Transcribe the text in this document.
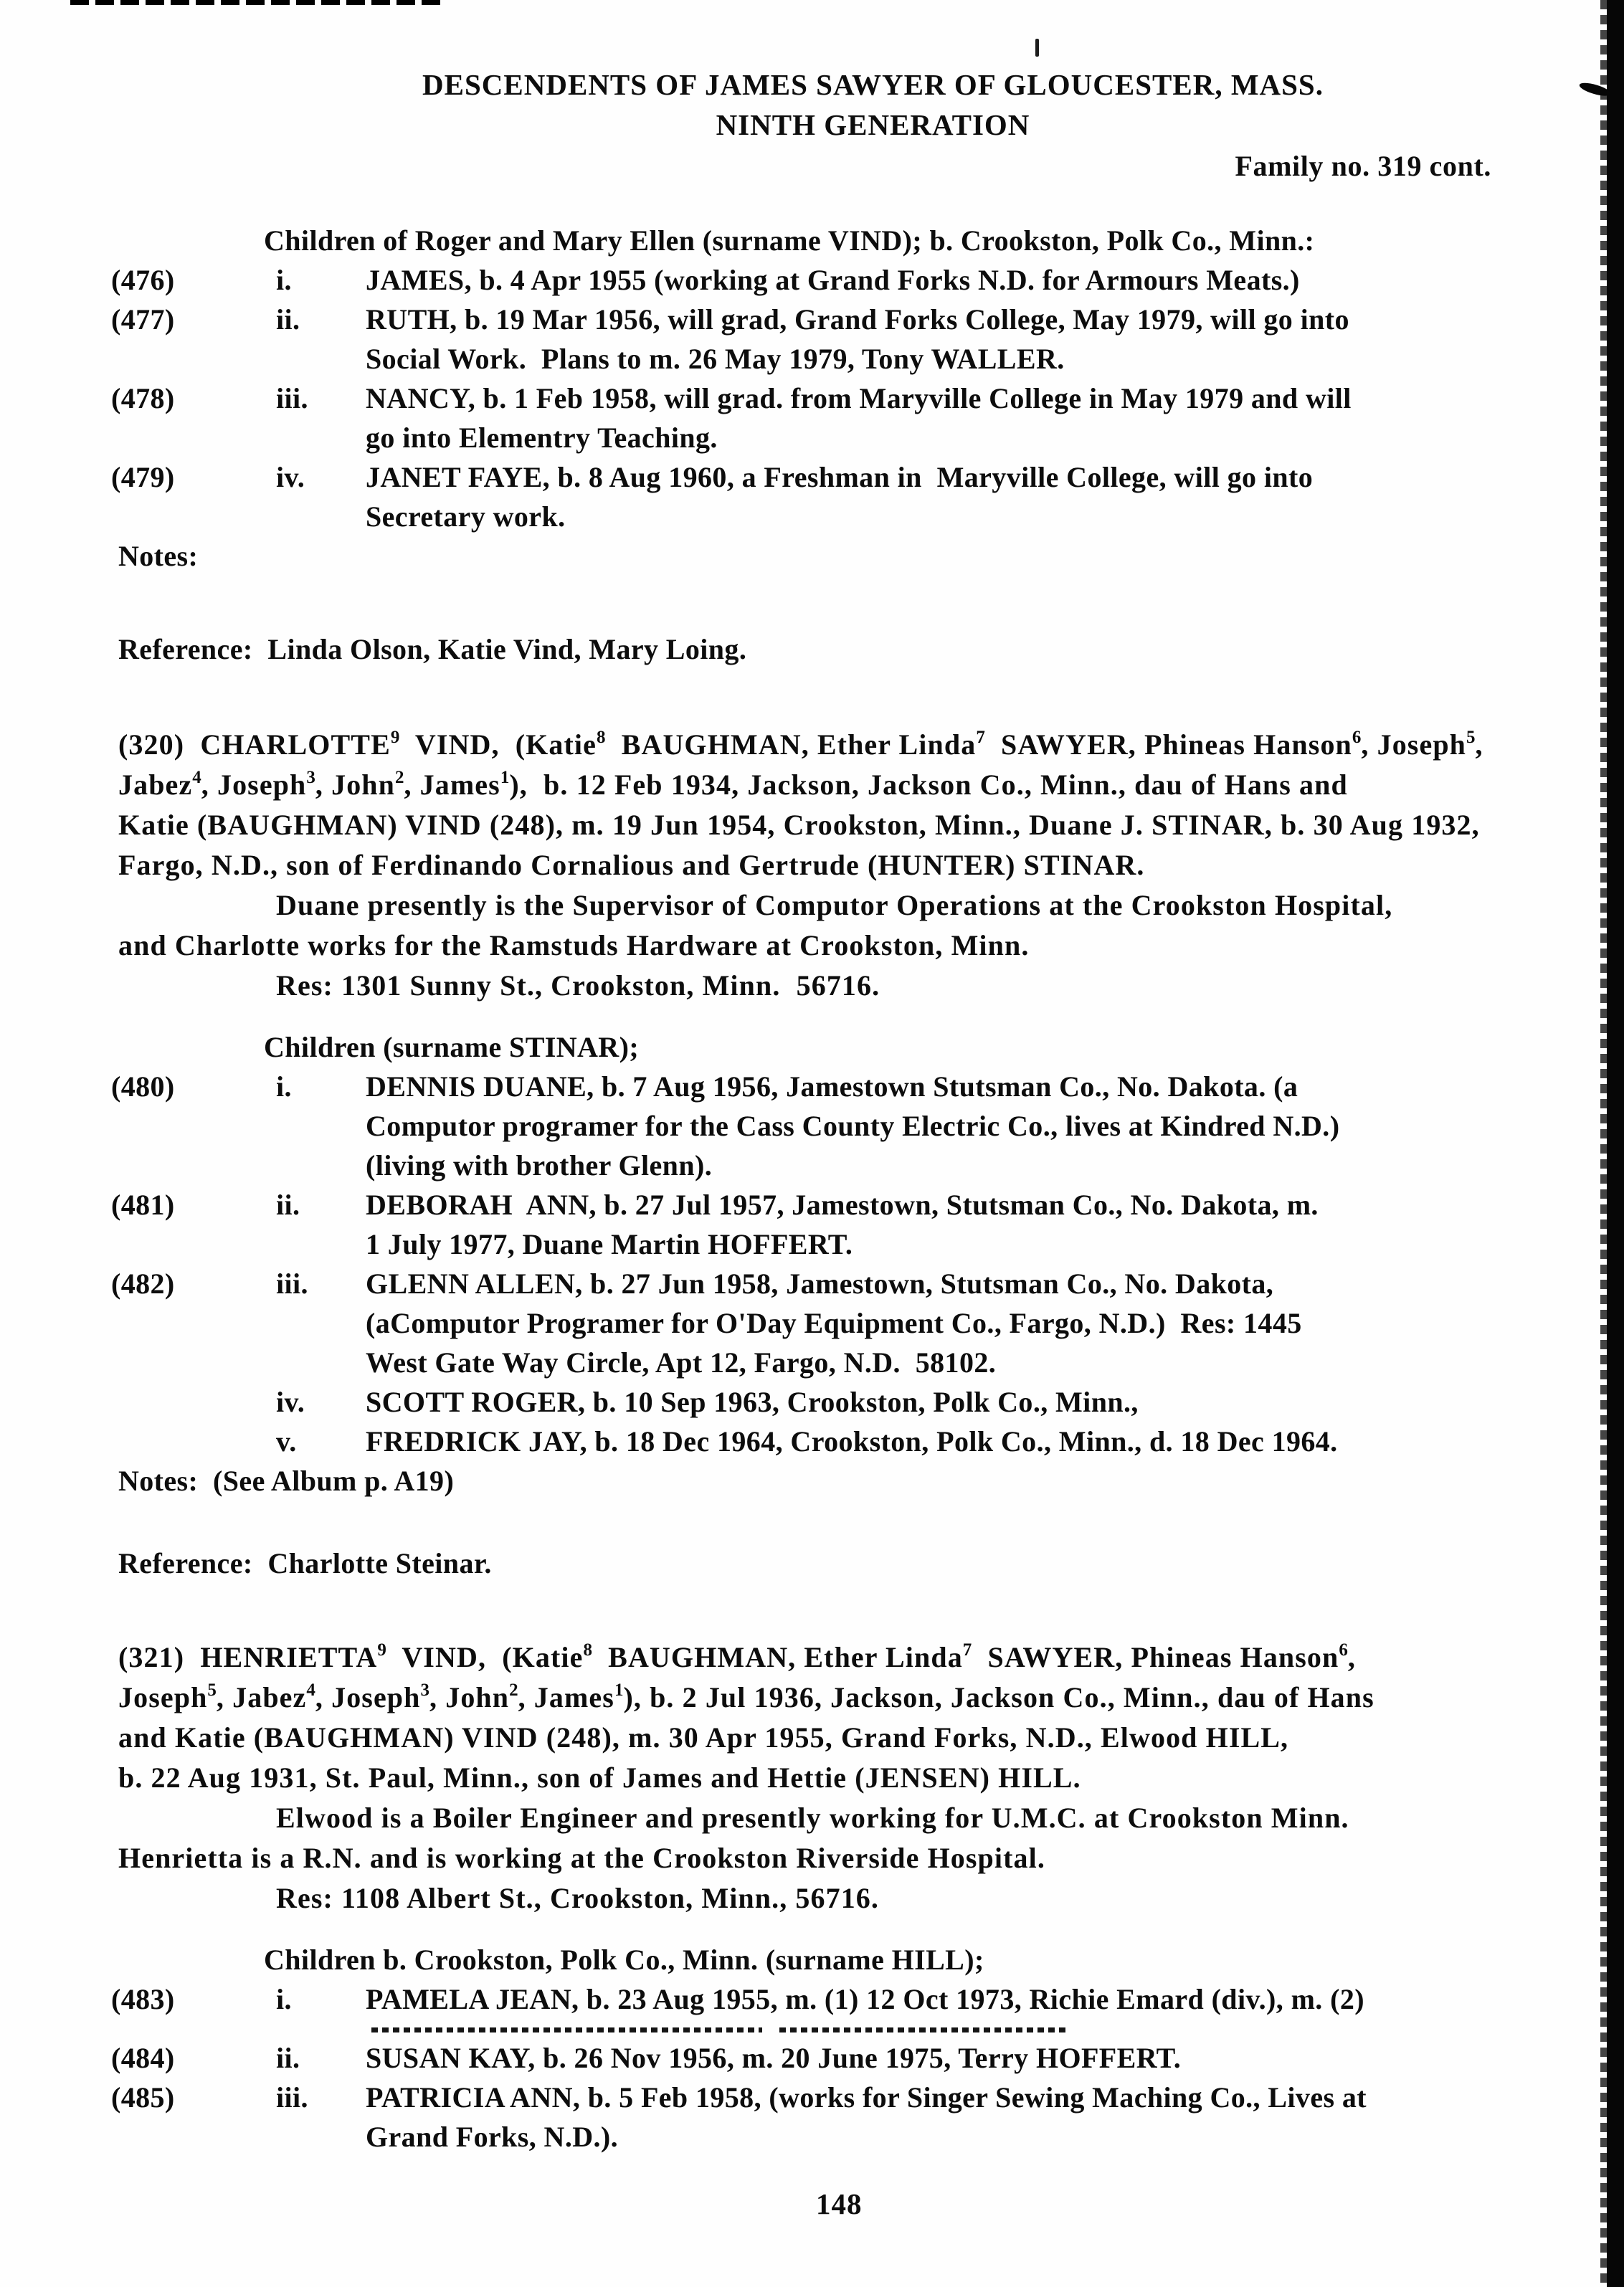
DESCENDENTS OF JAMES SAWYER OF GLOUCESTER, MASS.
NINTH GENERATION
Family no. 319 cont.
Children of Roger and Mary Ellen (surname VIND); b. Crookston, Polk Co., Minn.:
(476)	i.	JAMES, b. 4 Apr 1955 (working at Grand Forks N.D. for Armours Meats.)
(477)	ii.	RUTH, b. 19 Mar 1956, will grad, Grand Forks College, May 1979, will go into
Social Work.  Plans to m. 26 May 1979, Tony WALLER.
(478)	iii.	NANCY, b. 1 Feb 1958, will grad. from Maryville College in May 1979 and will
go into Elementry Teaching.
(479)	iv.	JANET FAYE, b. 8 Aug 1960, a Freshman in  Maryville College, will go into
Secretary work.
Notes:
Reference:  Linda Olson, Katie Vind, Mary Loing.
(320)  CHARLOTTE$^9$  VIND,  (Katie$^8$  BAUGHMAN, Ether Linda$^7$  SAWYER, Phineas Hanson$^6$, Joseph$^5$,
Jabez$^4$, Joseph$^3$, John$^2$, James$^1$),  b. 12 Feb 1934, Jackson, Jackson Co., Minn., dau of Hans and
Katie (BAUGHMAN) VIND (248), m. 19 Jun 1954, Crookston, Minn., Duane J. STINAR, b. 30 Aug 1932,
Fargo, N.D., son of Ferdinando Cornalious and Gertrude (HUNTER) STINAR.
Duane presently is the Supervisor of Computor Operations at the Crookston Hospital,
and Charlotte works for the Ramstuds Hardware at Crookston, Minn.
Res: 1301 Sunny St., Crookston, Minn.  56716.
Children (surname STINAR);
(480)	i.	DENNIS DUANE, b. 7 Aug 1956, Jamestown Stutsman Co., No. Dakota. (a
Computor programer for the Cass County Electric Co., lives at Kindred N.D.)
(living with brother Glenn).
(481)	ii.	DEBORAH  ANN, b. 27 Jul 1957, Jamestown, Stutsman Co., No. Dakota, m.
1 July 1977, Duane Martin HOFFERT.
(482)	iii.	GLENN ALLEN, b. 27 Jun 1958, Jamestown, Stutsman Co., No. Dakota,
(aComputor Programer for O'Day Equipment Co., Fargo, N.D.)  Res: 1445
West Gate Way Circle, Apt 12, Fargo, N.D.  58102.
iv.	SCOTT ROGER, b. 10 Sep 1963, Crookston, Polk Co., Minn.,
v.	FREDRICK JAY, b. 18 Dec 1964, Crookston, Polk Co., Minn., d. 18 Dec 1964.
Notes:  (See Album p. A19)
Reference:  Charlotte Steinar.
(321)  HENRIETTA$^9$  VIND,  (Katie$^8$  BAUGHMAN, Ether Linda$^7$  SAWYER, Phineas Hanson$^6$,
Joseph$^5$, Jabez$^4$, Joseph$^3$, John$^2$, James$^1$), b. 2 Jul 1936, Jackson, Jackson Co., Minn., dau of Hans
and Katie (BAUGHMAN) VIND (248), m. 30 Apr 1955, Grand Forks, N.D., Elwood HILL,
b. 22 Aug 1931, St. Paul, Minn., son of James and Hettie (JENSEN) HILL.
Elwood is a Boiler Engineer and presently working for U.M.C. at Crookston Minn.
Henrietta is a R.N. and is working at the Crookston Riverside Hospital.
Res: 1108 Albert St., Crookston, Minn., 56716.
Children b. Crookston, Polk Co., Minn. (surname HILL);
(483)	i.	PAMELA JEAN, b. 23 Aug 1955, m. (1) 12 Oct 1973, Richie Emard (div.), m. (2)
(484)	ii.	SUSAN KAY, b. 26 Nov 1956, m. 20 June 1975, Terry HOFFERT.
(485)	iii.	PATRICIA ANN, b. 5 Feb 1958, (works for Singer Sewing Maching Co., Lives at
Grand Forks, N.D.).
148
